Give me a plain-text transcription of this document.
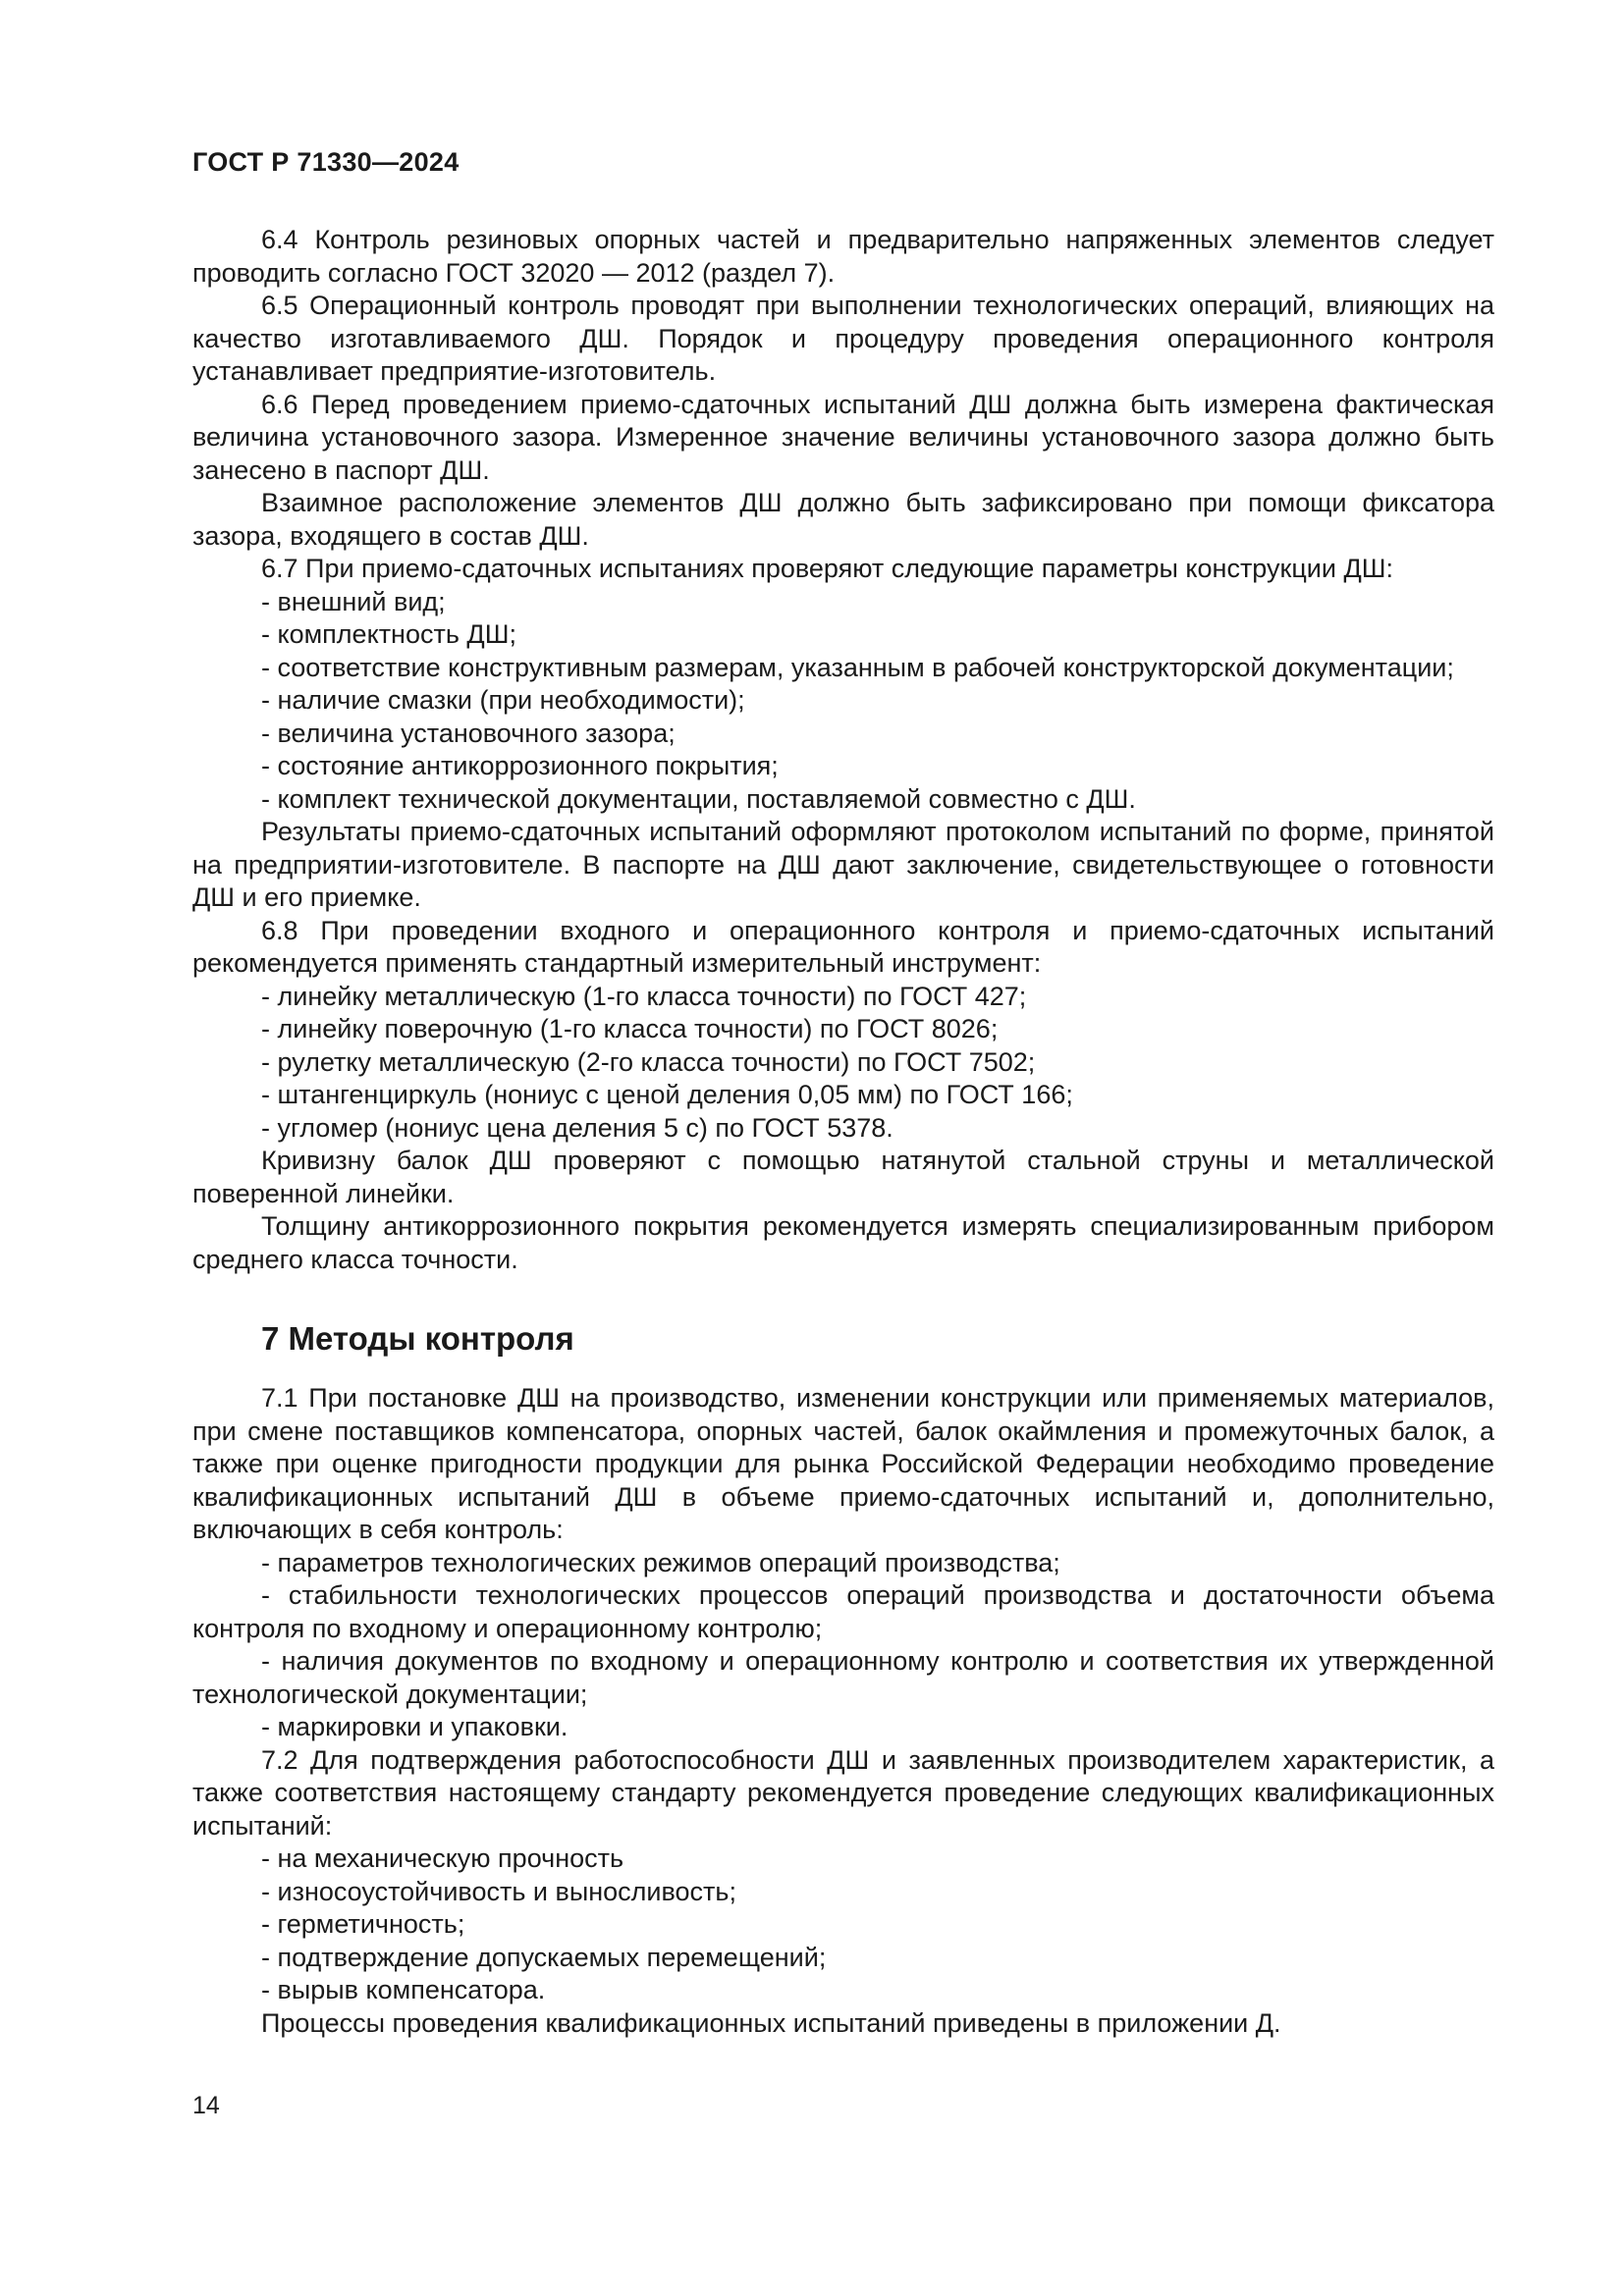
ГОСТ Р 71330—2024

6.4 Контроль резиновых опорных частей и предварительно напряженных элементов следует проводить согласно ГОСТ 32020 — 2012 (раздел 7).

6.5 Операционный контроль проводят при выполнении технологических операций, влияющих на качество изготавливаемого ДШ. Порядок и процедуру проведения операционного контроля устанавливает предприятие-изготовитель.

6.6 Перед проведением приемо-сдаточных испытаний ДШ должна быть измерена фактическая величина установочного зазора. Измеренное значение величины установочного зазора должно быть занесено в паспорт ДШ.

Взаимное расположение элементов ДШ должно быть зафиксировано при помощи фиксатора зазора, входящего в состав ДШ.

6.7 При приемо-сдаточных испытаниях проверяют следующие параметры конструкции ДШ:

- внешний вид;

- комплектность ДШ;

- соответствие конструктивным размерам, указанным в рабочей конструкторской документации;

- наличие смазки (при необходимости);

- величина установочного зазора;

- состояние антикоррозионного покрытия;

- комплект технической документации, поставляемой совместно с ДШ.

Результаты приемо-сдаточных испытаний оформляют протоколом испытаний по форме, принятой на предприятии-изготовителе. В паспорте на ДШ дают заключение, свидетельствующее о готовности ДШ и его приемке.

6.8 При проведении входного и операционного контроля и приемо-сдаточных испытаний рекомендуется применять стандартный измерительный инструмент:

- линейку металлическую (1-го класса точности) по ГОСТ 427;

- линейку поверочную (1-го класса точности) по ГОСТ 8026;

- рулетку металлическую (2-го класса точности) по ГОСТ 7502;

- штангенциркуль (нониус с ценой деления 0,05 мм) по ГОСТ 166;

- угломер (нониус цена деления 5 с) по ГОСТ 5378.

Кривизну балок ДШ проверяют с помощью натянутой стальной струны и металлической поверенной линейки.

Толщину антикоррозионного покрытия рекомендуется измерять специализированным прибором среднего класса точности.

7 Методы контроля

7.1 При постановке ДШ на производство, изменении конструкции или применяемых материалов, при смене поставщиков компенсатора, опорных частей, балок окаймления и промежуточных балок, а также при оценке пригодности продукции для рынка Российской Федерации необходимо проведение квалификационных испытаний ДШ в объеме приемо-сдаточных испытаний и, дополнительно, включающих в себя контроль:

- параметров технологических режимов операций производства;

- стабильности технологических процессов операций производства и достаточности объема контроля по входному и операционному контролю;

- наличия документов по входному и операционному контролю и соответствия их утвержденной технологической документации;

- маркировки и упаковки.

7.2 Для подтверждения работоспособности ДШ и заявленных производителем характеристик, а также соответствия настоящему стандарту рекомендуется проведение следующих квалификационных испытаний:

- на механическую прочность

- износоустойчивость и выносливость;

- герметичность;

- подтверждение допускаемых перемещений;

- вырыв компенсатора.

Процессы проведения квалификационных испытаний приведены в приложении Д.

14
